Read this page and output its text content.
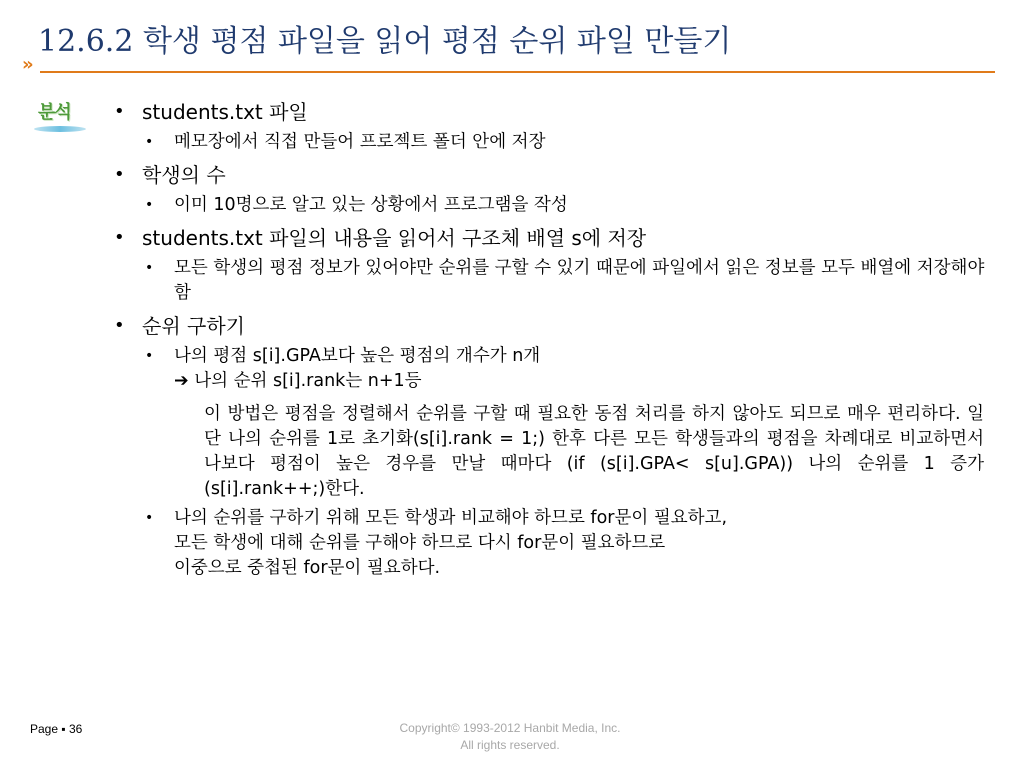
12.6.2 학생 평점 파일을 읽어 평점 순위 파일 만들기
»
분석
•	students.txt 파일
• 메모장에서 직접 만들어 프로젝트 폴더 안에 저장
• 학생의 수
• 이미 10명으로 알고 있는 상황에서 프로그램을 작성
• students.txt 파일의 내용을 읽어서 구조체 배열 s에 저장
• 모든 학생의 평점 정보가 있어야만 순위를 구할 수 있기 때문에 파일에서 읽은 정보를 모두 배열에 저장해야 함
• 순위 구하기
• 나의 평점 s[i].GPA보다 높은 평점의 개수가 n개
➔ 나의 순위 s[i].rank는 n+1등
이 방법은 평점을 정렬해서 순위를 구할 때 필요한 동점 처리를 하지 않아도 되므로 매우 편리하다. 일단 나의 순위를 1로 초기화(s[i].rank = 1;) 한후 다른 모든 학생들과의 평점을 차례대로 비교하면서 나보다 평점이 높은 경우를 만날 때마다 (if (s[i].GPA< s[u].GPA)) 나의 순위를 1 증가(s[i].rank++;)한다.
• 나의 순위를 구하기 위해 모든 학생과 비교해야 하므로 for문이 필요하고,
모든 학생에 대해 순위를 구해야 하므로 다시 for문이 필요하므로
이중으로 중첩된 for문이 필요하다.
Page ▪ 36	Copyright© 1993-2012 Hanbit Media, Inc.
All rights reserved.
